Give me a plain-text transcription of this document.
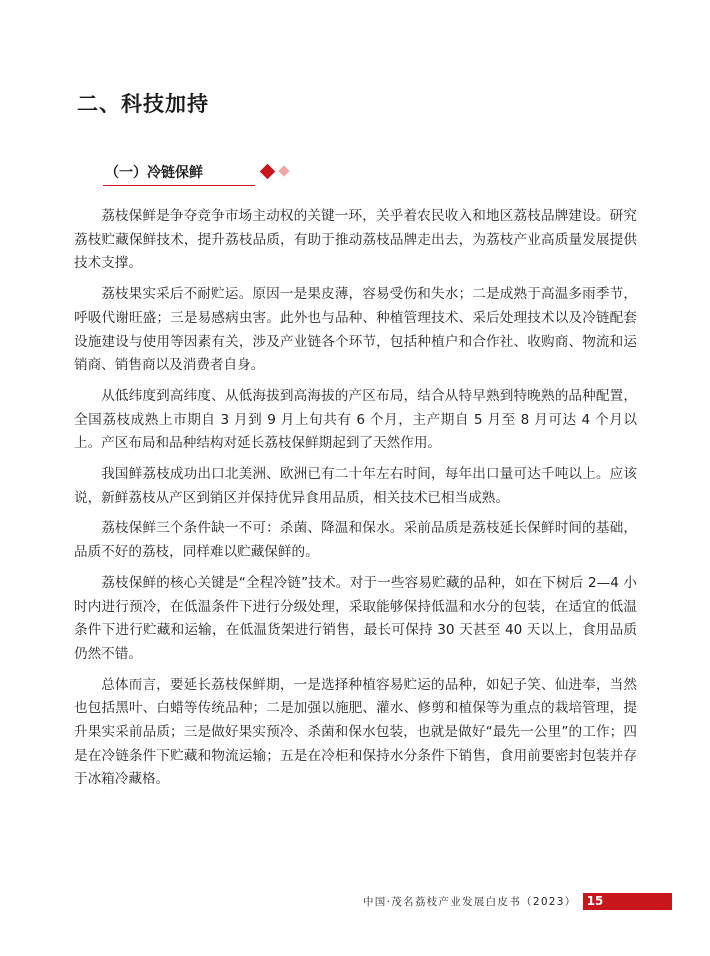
二、科技加持
（一）冷链保鲜

荔枝保鲜是争夺竞争市场主动权的关键一环，关乎着农民收入和地区荔枝品牌建设。研究荔枝贮藏保鲜技术，提升荔枝品质，有助于推动荔枝品牌走出去，为荔枝产业高质量发展提供技术支撑。

荔枝果实采后不耐贮运。原因一是果皮薄，容易受伤和失水；二是成熟于高温多雨季节，呼吸代谢旺盛；三是易感病虫害。此外也与品种、种植管理技术、采后处理技术以及冷链配套设施建设与使用等因素有关，涉及产业链各个环节，包括种植户和合作社、收购商、物流和运销商、销售商以及消费者自身。

从低纬度到高纬度、从低海拔到高海拔的产区布局，结合从特早熟到特晚熟的品种配置，全国荔枝成熟上市期自 3 月到 9 月上旬共有 6 个月，主产期自 5 月至 8 月可达 4 个月以上。产区布局和品种结构对延长荔枝保鲜期起到了天然作用。

我国鲜荔枝成功出口北美洲、欧洲已有二十年左右时间，每年出口量可达千吨以上。应该说，新鲜荔枝从产区到销区并保持优异食用品质，相关技术已相当成熟。

荔枝保鲜三个条件缺一不可：杀菌、降温和保水。采前品质是荔枝延长保鲜时间的基础，品质不好的荔枝，同样难以贮藏保鲜的。

荔枝保鲜的核心关键是“全程冷链”技术。对于一些容易贮藏的品种，如在下树后 2—4 小时内进行预冷，在低温条件下进行分级处理，采取能够保持低温和水分的包装，在适宜的低温条件下进行贮藏和运输，在低温货架进行销售，最长可保持 30 天甚至 40 天以上，食用品质仍然不错。

总体而言，要延长荔枝保鲜期，一是选择种植容易贮运的品种，如妃子笑、仙进奉，当然也包括黑叶、白蜡等传统品种；二是加强以施肥、灌水、修剪和植保等为重点的栽培管理，提升果实采前品质；三是做好果实预冷、杀菌和保水包装，也就是做好“最先一公里”的工作；四是在冷链条件下贮藏和物流运输；五是在冷柜和保持水分条件下销售，食用前要密封包装并存于冰箱冷藏格。

中国·茂名荔枝产业发展白皮书（2023） 15
